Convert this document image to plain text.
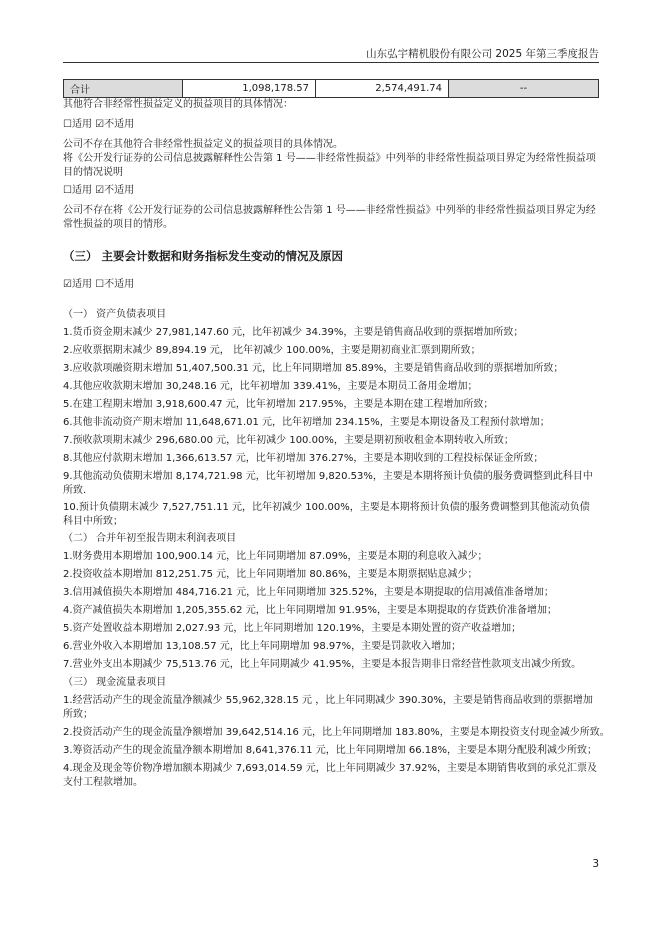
山东弘宇精机股份有限公司 2025 年第三季度报告
合计	1,098,178.57	2,574,491.74	--
其他符合非经常性损益定义的损益项目的具体情况：
☐适用 ☑不适用
公司不存在其他符合非经常性损益定义的损益项目的具体情况。
将《公开发行证券的公司信息披露解释性公告第 1 号——非经常性损益》中列举的非经常性损益项目界定为经常性损益项目的情况说明
☐适用 ☑不适用
公司不存在将《公开发行证券的公司信息披露解释性公告第 1 号——非经常性损益》中列举的非经常性损益项目界定为经常性损益的项目的情形。
（三） 主要会计数据和财务指标发生变动的情况及原因
☑适用 ☐不适用
（一） 资产负债表项目
1.货币资金期末减少 27,981,147.60 元，比年初减少 34.39%，主要是销售商品收到的票据增加所致；
2.应收票据期末减少 89,894.19 元， 比年初减少 100.00%，主要是期初商业汇票到期所致；
3.应收款项融资期末增加 51,407,500.31 元，比上年同期增加 85.89%，主要是销售商品收到的票据增加所致；
4.其他应收款期末增加 30,248.16 元，比年初增加 339.41%，主要是本期员工备用金增加；
5.在建工程期末增加 3,918,600.47 元，比年初增加 217.95%，主要是本期在建工程增加所致；
6.其他非流动资产期末增加 11,648,671.01 元，比年初增加 234.15%，主要是本期设备及工程预付款增加；
7.预收款项期末减少 296,680.00 元，比年初减少 100.00%，主要是期初预收租金本期转收入所致；
8.其他应付款期末增加 1,366,613.57 元，比年初增加 376.27%，主要是本期收到的工程投标保证金所致；
9.其他流动负债期末增加 8,174,721.98 元，比年初增加 9,820.53%，主要是本期将预计负债的服务费调整到此科目中所致.
10.预计负债期末减少 7,527,751.11 元，比年初减少 100.00%，主要是本期将预计负债的服务费调整到其他流动负债科目中所致；
（二） 合并年初至报告期末利润表项目
1.财务费用本期增加 100,900.14 元，比上年同期增加 87.09%，主要是本期的利息收入减少；
2.投资收益本期增加 812,251.75 元，比上年同期增加 80.86%，主要是本期票据贴息减少；
3.信用减值损失本期增加 484,716.21 元，比上年同期增加 325.52%，主要是本期提取的信用减值准备增加；
4.资产减值损失本期增加 1,205,355.62 元，比上年同期增加 91.95%，主要是本期提取的存货跌价准备增加；
5.资产处置收益本期增加 2,027.93 元，比上年同期增加 120.19%，主要是本期处置的资产收益增加；
6.营业外收入本期增加 13,108.57 元，比上年同期增加 98.97%，主要是罚款收入增加；
7.营业外支出本期减少 75,513.76 元，比上年同期减少 41.95%，主要是本报告期非日常经营性款项支出减少所致。
（三） 现金流量表项目
1.经营活动产生的现金流量净额减少 55,962,328.15 元 ，比上年同期减少 390.30%，主要是销售商品收到的票据增加所致；
2.投资活动产生的现金流量净额增加 39,642,514.16 元，比上年同期增加 183.80%，主要是本期投资支付现金减少所致。
3.筹资活动产生的现金流量净额本期增加 8,641,376.11 元，比上年同期增加 66.18%，主要是本期分配股利减少所致；
4.现金及现金等价物净增加额本期减少 7,693,014.59 元，比上年同期减少 37.92%，主要是本期销售收到的承兑汇票及支付工程款增加。
3
